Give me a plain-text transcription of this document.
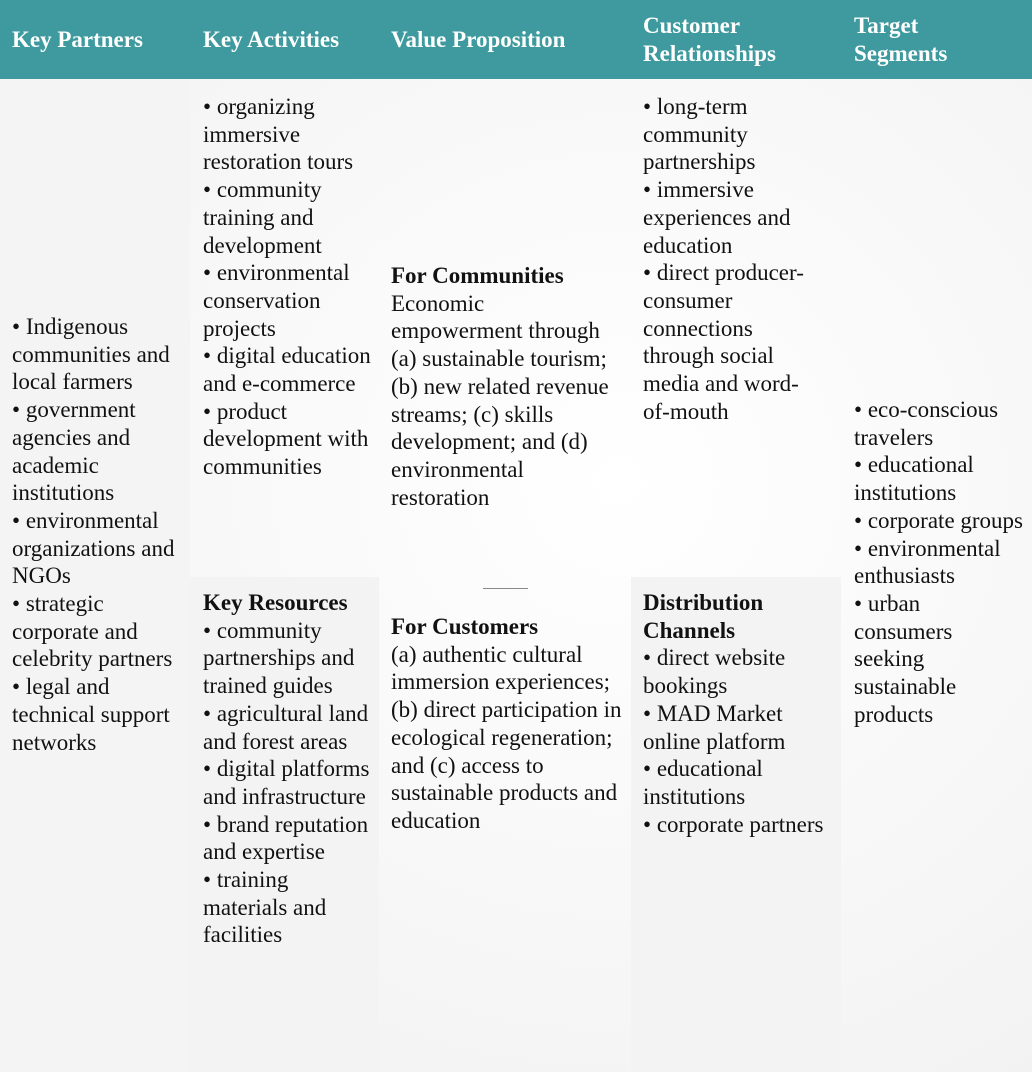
Key Partners	Key Activities	Value Proposition
Customer Relationships
Target Segments
• Indigenous communities and local farmers
• government agencies and academic institutions
• environmental organizations and NGOs
• strategic corporate and celebrity partners
• legal and technical support networks
• organizing immersive restoration tours
• community training and development
• environmental conservation projects
• digital education and e-commerce
• product development with communities
Key Resources
• community partnerships and trained guides
• agricultural land and forest areas
• digital platforms and infrastructure
• brand reputation and expertise
• training materials and facilities
For Communities
Economic empowerment through (a) sustainable tourism; (b) new related revenue streams; (c) skills development; and (d) environmental restoration
For Customers
(a) authentic cultural immersion experiences; (b) direct participation in ecological regeneration; and (c) access to sustainable products and education
• long-term community partnerships
• immersive experiences and education
• direct producer-consumer connections through social media and word-of-mouth
Distribution Channels
• direct website bookings
• MAD Market online platform
• educational institutions
• corporate partners
• eco-conscious travelers
• educational institutions
• corporate groups
• environmental enthusiasts
• urban consumers seeking sustainable products
